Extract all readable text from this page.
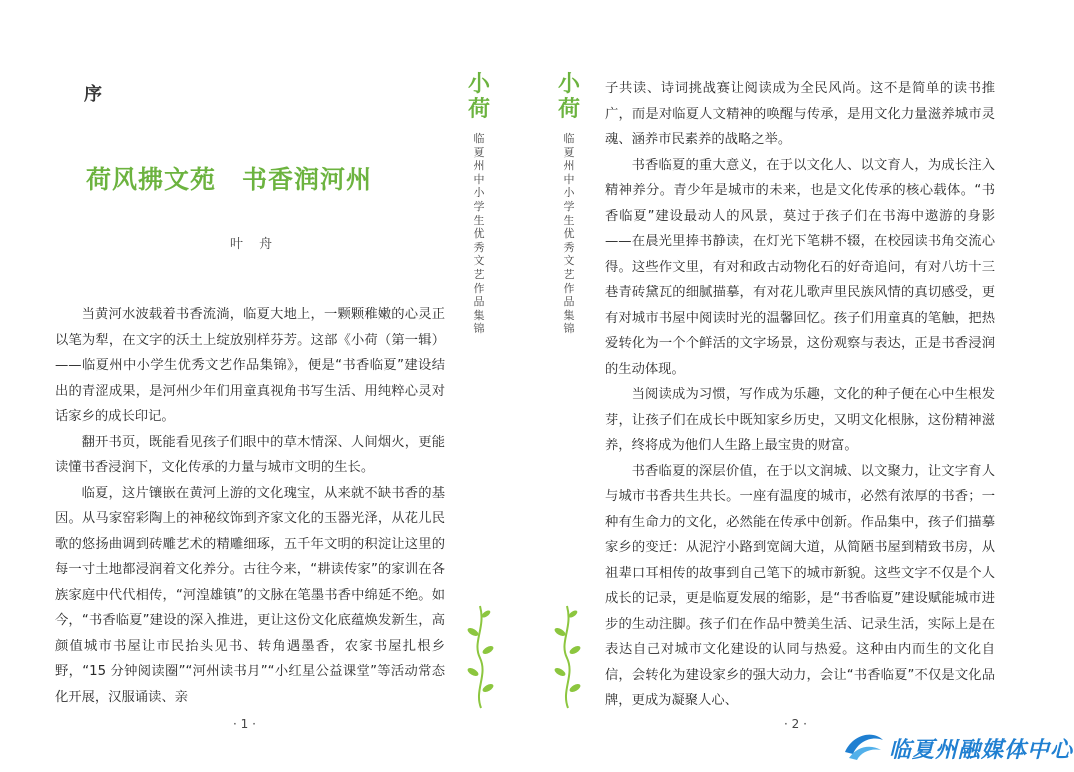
序
荷风拂文苑　书香润河州
叶 舟

当黄河水波载着书香流淌，临夏大地上，一颗颗稚嫩的心灵正以笔为犁，在文字的沃土上绽放别样芬芳。这部《小荷（第一辑）——临夏州中小学生优秀文艺作品集锦》，便是“书香临夏”建设结出的青涩成果，是河州少年们用童真视角书写生活、用纯粹心灵对话家乡的成长印记。

翻开书页，既能看见孩子们眼中的草木情深、人间烟火，更能读懂书香浸润下，文化传承的力量与城市文明的生长。

临夏，这片镶嵌在黄河上游的文化瑰宝，从来就不缺书香的基因。从马家窑彩陶上的神秘纹饰到齐家文化的玉器光泽，从花儿民歌的悠扬曲调到砖雕艺术的精雕细琢，五千年文明的积淀让这里的每一寸土地都浸润着文化养分。古往今来，“耕读传家”的家训在各族家庭中代代相传，“河湟雄镇”的文脉在笔墨书香中绵延不绝。如今，“书香临夏”建设的深入推进，更让这份文化底蕴焕发新生，高颜值城市书屋让市民抬头见书、转角遇墨香，农家书屋扎根乡野，“15 分钟阅读圈”“河州读书月”“小红星公益课堂”等活动常态化开展，汉服诵读、亲

· 1 ·
小荷
临夏州中小学生优秀文艺作品集锦
小荷
临夏州中小学生优秀文艺作品集锦

子共读、诗词挑战赛让阅读成为全民风尚。这不是简单的读书推广，而是对临夏人文精神的唤醒与传承，是用文化力量滋养城市灵魂、涵养市民素养的战略之举。

书香临夏的重大意义，在于以文化人、以文育人，为成长注入精神养分。青少年是城市的未来，也是文化传承的核心载体。“书香临夏”建设最动人的风景，莫过于孩子们在书海中遨游的身影——在晨光里捧书静读，在灯光下笔耕不辍，在校园读书角交流心得。这些作文里，有对和政古动物化石的好奇追问，有对八坊十三巷青砖黛瓦的细腻描摹，有对花儿歌声里民族风情的真切感受，更有对城市书屋中阅读时光的温馨回忆。孩子们用童真的笔触，把热爱转化为一个个鲜活的文字场景，这份观察与表达，正是书香浸润的生动体现。

当阅读成为习惯，写作成为乐趣，文化的种子便在心中生根发芽，让孩子们在成长中既知家乡历史，又明文化根脉，这份精神滋养，终将成为他们人生路上最宝贵的财富。

书香临夏的深层价值，在于以文润城、以文聚力，让文字育人与城市书香共生共长。一座有温度的城市，必然有浓厚的书香；一种有生命力的文化，必然能在传承中创新。作品集中，孩子们描摹家乡的变迁：从泥泞小路到宽阔大道，从简陋书屋到精致书房，从祖辈口耳相传的故事到自己笔下的城市新貌。这些文字不仅是个人成长的记录，更是临夏发展的缩影，是“书香临夏”建设赋能城市进步的生动注脚。孩子们在作品中赞美生活、记录生活，实际上是在表达自己对城市文化建设的认同与热爱。这种由内而生的文化自信，会转化为建设家乡的强大动力，会让“书香临夏”不仅是文化品牌，更成为凝聚人心、

· 2 ·
临夏州融媒体中心
